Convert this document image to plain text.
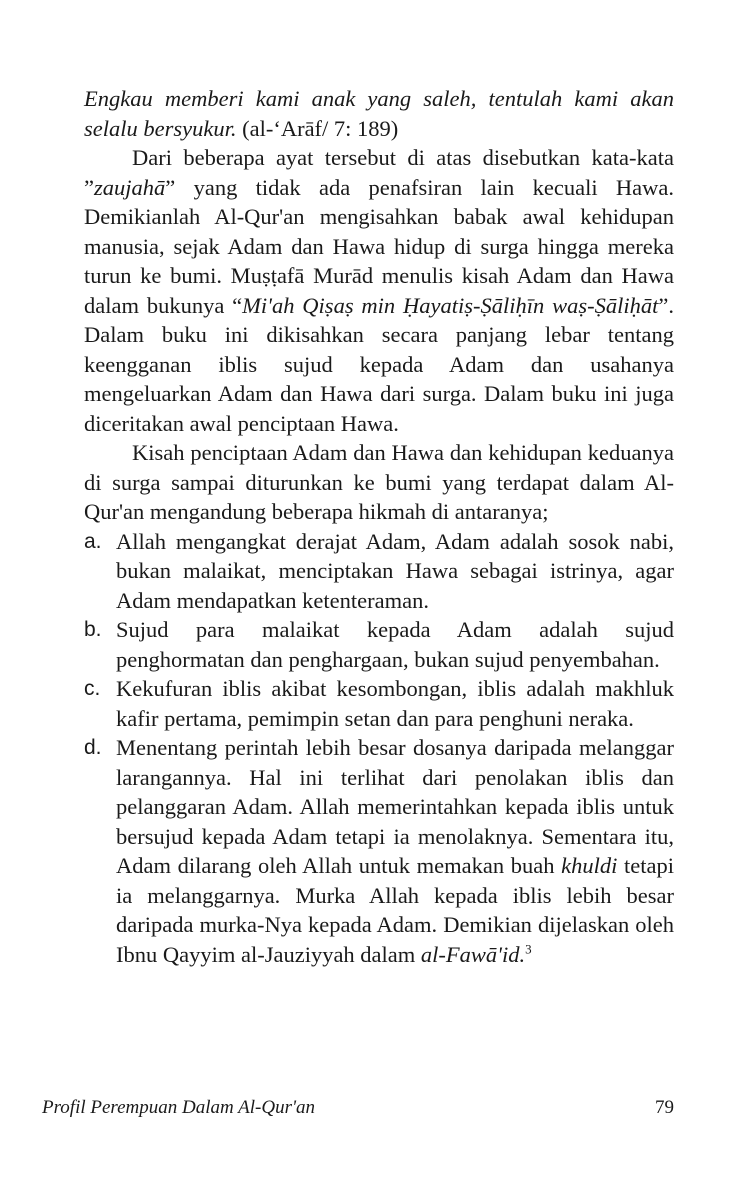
Engkau memberi kami anak yang saleh, tentulah kami akan selalu bersyukur. (al-‘Arāf/ 7: 189)

Dari beberapa ayat tersebut di atas disebutkan kata-kata ”zaujahā” yang tidak ada penafsiran lain kecuali Hawa. Demikianlah Al-Qur'an mengisahkan babak awal kehidupan manusia, sejak Adam dan Hawa hidup di surga hingga mereka turun ke bumi. Muṣṭafā Murād menulis kisah Adam dan Hawa dalam bukunya “Mi'ah Qiṣaṣ min Ḥayatiṣ-Ṣāliḥīn waṣ-Ṣāliḥāt”. Dalam buku ini dikisahkan secara panjang lebar tentang keengganan iblis sujud kepada Adam dan usahanya mengeluarkan Adam dan Hawa dari surga. Dalam buku ini juga diceritakan awal penciptaan Hawa.

Kisah penciptaan Adam dan Hawa dan kehidupan keduanya di surga sampai diturunkan ke bumi yang terdapat dalam Al-Qur'an mengandung beberapa hikmah di antaranya;

a. Allah mengangkat derajat Adam, Adam adalah sosok nabi, bukan malaikat, menciptakan Hawa sebagai istrinya, agar Adam mendapatkan ketenteraman.
b. Sujud para malaikat kepada Adam adalah sujud penghormatan dan penghargaan, bukan sujud penyembahan.
c. Kekufuran iblis akibat kesombongan, iblis adalah makhluk kafir pertama, pemimpin setan dan para penghuni neraka.
d. Menentang perintah lebih besar dosanya daripada melanggar larangannya. Hal ini terlihat dari penolakan iblis dan pelanggaran Adam. Allah memerintahkan kepada iblis untuk bersujud kepada Adam tetapi ia menolaknya. Sementara itu, Adam dilarang oleh Allah untuk memakan buah khuldi tetapi ia melanggarnya. Murka Allah kepada iblis lebih besar daripada murka-Nya kepada Adam. Demikian dijelaskan oleh Ibnu Qayyim al-Jauziyyah dalam al-Fawā'id.$^3$
Profil Perempuan Dalam Al-Qur'an	79
